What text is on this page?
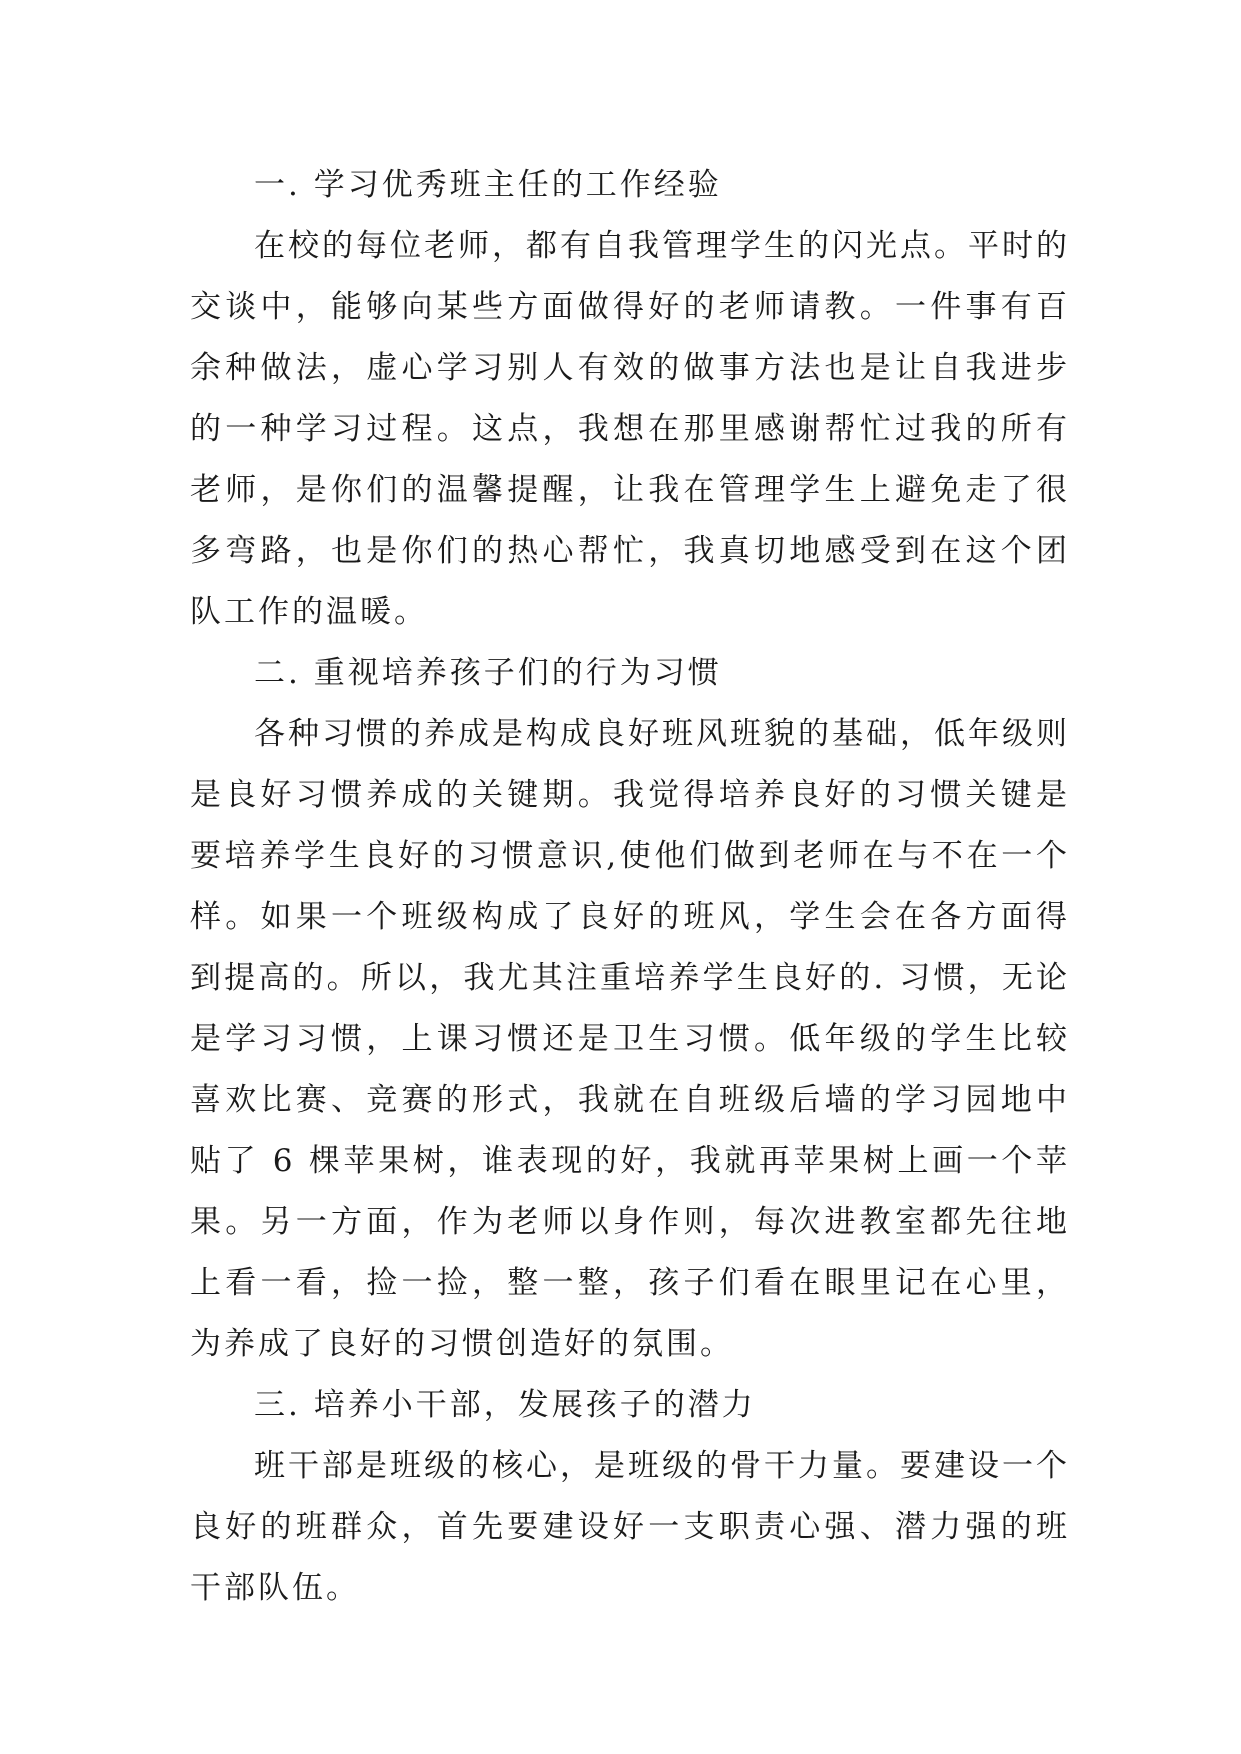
一. 学习优秀班主任的工作经验

在校的每位老师，都有自我管理学生的闪光点。平时的交谈中，能够向某些方面做得好的老师请教。一件事有百余种做法，虚心学习别人有效的做事方法也是让自我进步的一种学习过程。这点，我想在那里感谢帮忙过我的所有老师，是你们的温馨提醒，让我在管理学生上避免走了很多弯路，也是你们的热心帮忙，我真切地感受到在这个团队工作的温暖。

二. 重视培养孩子们的行为习惯

各种习惯的养成是构成良好班风班貌的基础，低年级则是良好习惯养成的关键期。我觉得培养良好的习惯关键是要培养学生良好的习惯意识,使他们做到老师在与不在一个样。如果一个班级构成了良好的班风，学生会在各方面得到提高的。所以，我尤其注重培养学生良好的. 习惯，无论是学习习惯，上课习惯还是卫生习惯。低年级的学生比较喜欢比赛、竞赛的形式，我就在自班级后墙的学习园地中贴了 6 棵苹果树，谁表现的好，我就再苹果树上画一个苹果。另一方面，作为老师以身作则，每次进教室都先往地上看一看，捡一捡，整一整，孩子们看在眼里记在心里，为养成了良好的习惯创造好的氛围。

三. 培养小干部，发展孩子的潜力

班干部是班级的核心，是班级的骨干力量。要建设一个良好的班群众，首先要建设好一支职责心强、潜力强的班干部队伍。
